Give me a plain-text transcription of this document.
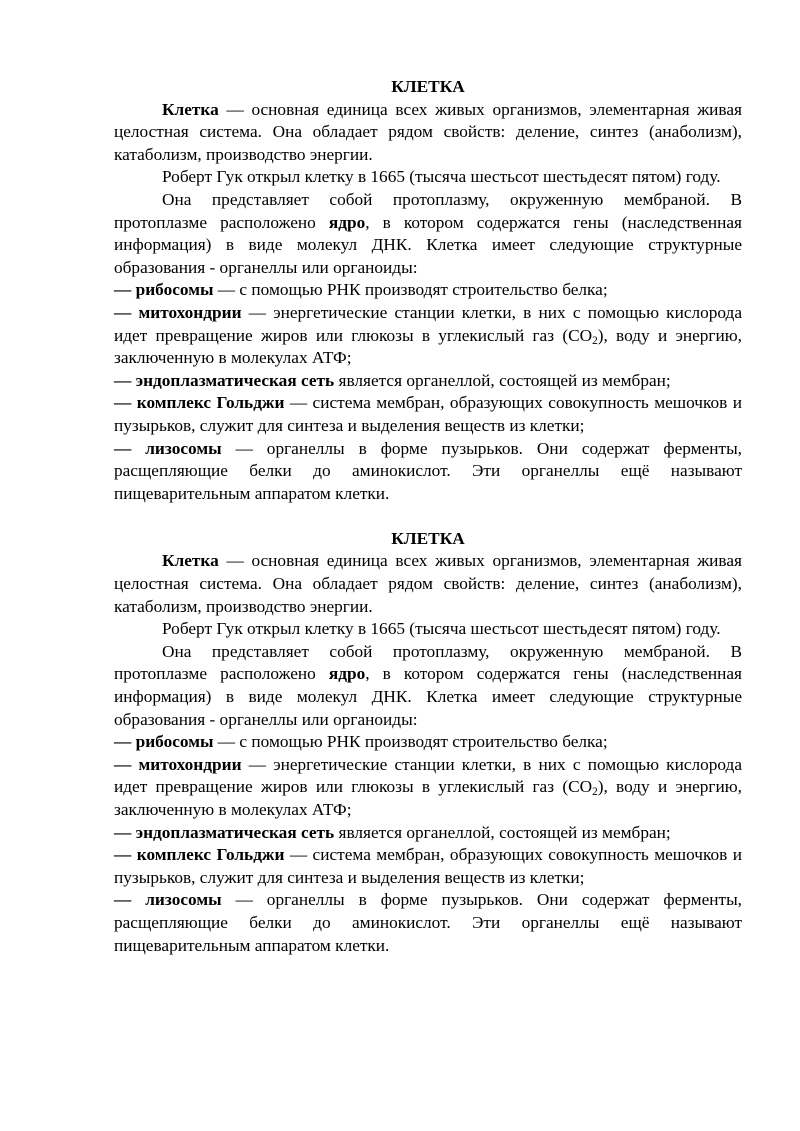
КЛЕТКА

Клетка — основная единица всех живых организмов, элементарная живая целостная система. Она обладает рядом свойств: деление, синтез (анаболизм), катаболизм, производство энергии.

Роберт Гук открыл клетку в 1665 (тысяча шестьсот шестьдесят пятом) году.

Она представляет собой протоплазму, окруженную мембраной. В протоплазме расположено ядро, в котором содержатся гены (наследственная информация) в виде молекул ДНК. Клетка имеет следующие структурные образования - органеллы или органоиды:

— рибосомы — с помощью РНК производят строительство белка;

— митохондрии — энергетические станции клетки, в них с помощью кислорода идет превращение жиров или глюкозы в углекислый газ $(CO_2)$, воду и энергию, заключенную в молекулах АТФ;

— эндоплазматическая сеть является органеллой, состоящей из мембран;

— комплекс Гольджи — система мембран, образующих совокупность мешочков и пузырьков, служит для синтеза и выделения веществ из клетки;

— лизосомы — органеллы в форме пузырьков. Они содержат ферменты, расщепляющие белки до аминокислот. Эти органеллы ещё называют пищеварительным аппаратом клетки.

КЛЕТКА

Клетка — основная единица всех живых организмов, элементарная живая целостная система. Она обладает рядом свойств: деление, синтез (анаболизм), катаболизм, производство энергии.

Роберт Гук открыл клетку в 1665 (тысяча шестьсот шестьдесят пятом) году.

Она представляет собой протоплазму, окруженную мембраной. В протоплазме расположено ядро, в котором содержатся гены (наследственная информация) в виде молекул ДНК. Клетка имеет следующие структурные образования - органеллы или органоиды:

— рибосомы — с помощью РНК производят строительство белка;

— митохондрии — энергетические станции клетки, в них с помощью кислорода идет превращение жиров или глюкозы в углекислый газ $(CO_2)$, воду и энергию, заключенную в молекулах АТФ;

— эндоплазматическая сеть является органеллой, состоящей из мембран;

— комплекс Гольджи — система мембран, образующих совокупность мешочков и пузырьков, служит для синтеза и выделения веществ из клетки;

— лизосомы — органеллы в форме пузырьков. Они содержат ферменты, расщепляющие белки до аминокислот. Эти органеллы ещё называют пищеварительным аппаратом клетки.
